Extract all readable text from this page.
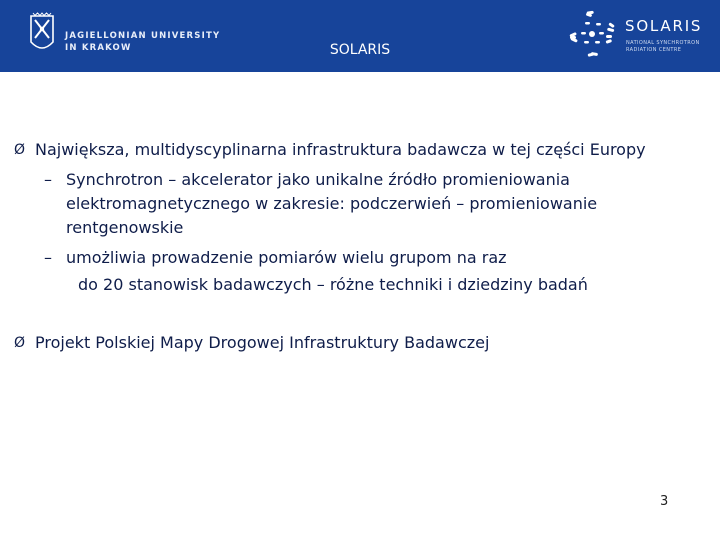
JAGIELLONIAN UNIVERSITY
IN KRAKOW	SOLARIS
SOLARIS
NATIONAL SYNCHROTRON
RADIATION CENTRE
Ø Największa, multidyscyplinarna infrastruktura badawcza w tej części Europy
– Synchrotron – akcelerator jako unikalne źródło promieniowania
elektromagnetycznego w zakresie: podczerwień – promieniowanie
rentgenowskie
– umożliwia prowadzenie pomiarów wielu grupom na raz
do 20 stanowisk badawczych – różne techniki i dziedziny badań
Ø Projekt Polskiej Mapy Drogowej Infrastruktury Badawczej
3
